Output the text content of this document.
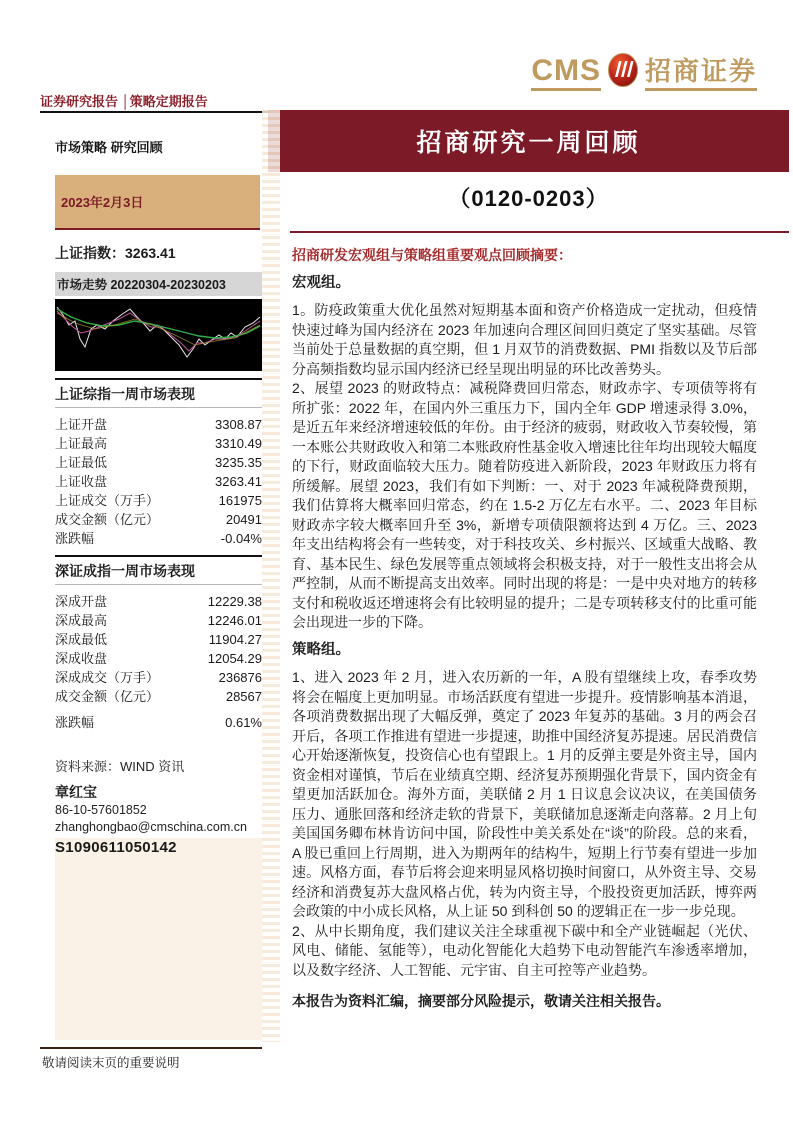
CMS 招商证券
证券研究报告 │策略定期报告
招商研究一周回顾
市场策略 研究回顾
2023年2月3日	（0120-0203）
上证指数：3263.41
市场走势 20220304-20230203
上证综指一周市场表现
上证开盘	3308.87
上证最高	3310.49
上证最低	3235.35
上证收盘	3263.41
上证成交（万手）	161975
成交金额（亿元）	20491
涨跌幅	-0.04%
深证成指一周市场表现
深成开盘	12229.38
深成最高	12246.01
深成最低	11904.27
深成收盘	12054.29
深成成交（万手）	236876
成交金额（亿元）	28567
涨跌幅	0.61%
资料来源：WIND 资讯
章红宝
86-10-57601852
zhanghongbao@cmschina.com.cn
S1090611050142
招商研发宏观组与策略组重要观点回顾摘要：
宏观组。

1。防疫政策重大优化虽然对短期基本面和资产价格造成一定扰动，但疫情快速过峰为国内经济在 2023 年加速向合理区间回归奠定了坚实基础。尽管当前处于总量数据的真空期，但 1 月双节的消费数据、PMI 指数以及节后部分高频指数均显示国内经济已经呈现出明显的环比改善势头。

2、展望 2023 的财政特点：减税降费回归常态，财政赤字、专项债等将有所扩张：2022 年，在国内外三重压力下，国内全年 GDP 增速录得 3.0%，是近五年来经济增速较低的年份。由于经济的疲弱，财政收入节奏较慢，第一本账公共财政收入和第二本账政府性基金收入增速比往年均出现较大幅度的下行，财政面临较大压力。随着防疫进入新阶段，2023 年财政压力将有所缓解。展望 2023，我们有如下判断：一、对于 2023 年减税降费预期，我们估算将大概率回归常态，约在 1.5-2 万亿左右水平。二、2023 年目标财政赤字较大概率回升至 3%，新增专项债限额将达到 4 万亿。三、2023 年支出结构将会有一些转变，对于科技攻关、乡村振兴、区域重大战略、教育、基本民生、绿色发展等重点领域将会积极支持，对于一般性支出将会从严控制，从而不断提高支出效率。同时出现的将是：一是中央对地方的转移支付和税收返还增速将会有比较明显的提升；二是专项转移支付的比重可能会出现进一步的下降。

策略组。

1、进入 2023 年 2 月，进入农历新的一年，A 股有望继续上攻，春季攻势将会在幅度上更加明显。市场活跃度有望进一步提升。疫情影响基本消退，各项消费数据出现了大幅反弹，奠定了 2023 年复苏的基础。3 月的两会召开后，各项工作推进有望进一步提速，助推中国经济复苏提速。居民消费信心开始逐渐恢复，投资信心也有望跟上。1 月的反弹主要是外资主导，国内资金相对谨慎，节后在业绩真空期、经济复苏预期强化背景下，国内资金有望更加活跃加仓。海外方面，美联储 2 月 1 日议息会议决议，在美国债务压力、通胀回落和经济走软的背景下，美联储加息逐渐走向落幕。2 月上旬美国国务卿布林肯访问中国，阶段性中美关系处在“谈”的阶段。总的来看，A 股已重回上行周期，进入为期两年的结构牛，短期上行节奏有望进一步加速。风格方面，春节后将会迎来明显风格切换时间窗口，从外资主导、交易经济和消费复苏大盘风格占优，转为内资主导，个股投资更加活跃，博弈两会政策的中小成长风格，从上证 50 到科创 50 的逻辑正在一步一步兑现。

2、从中长期角度，我们建议关注全球重视下碳中和全产业链崛起（光伏、风电、储能、氢能等），电动化智能化大趋势下电动智能汽车渗透率增加，以及数字经济、人工智能、元宇宙、自主可控等产业趋势。

本报告为资料汇编，摘要部分风险提示，敬请关注相关报告。

敬请阅读末页的重要说明
